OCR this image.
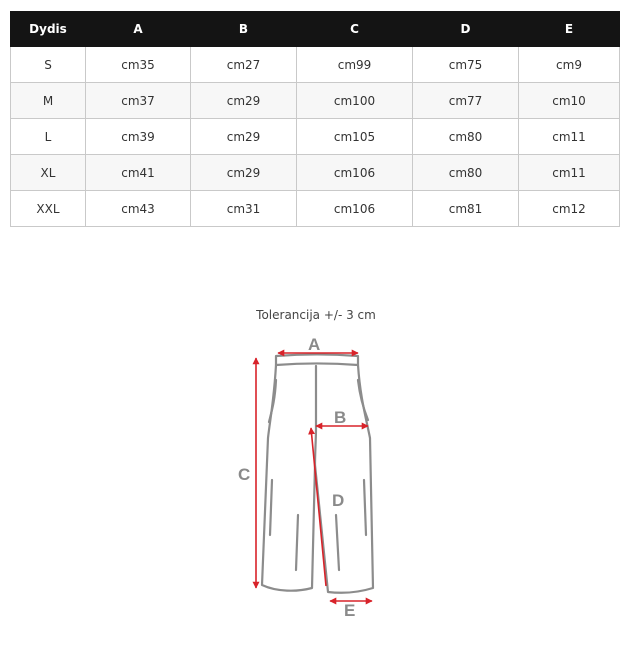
Dydis	A	B	C	D	E
S	cm35	cm27	cm99	cm75	cm9
M	cm37	cm29	cm100	cm77	cm10
L	cm39	cm29	cm105	cm80	cm11
XL	cm41	cm29	cm106	cm80	cm11
XXL	cm43	cm31	cm106	cm81	cm12
Tolerancija +/- 3 cm
A
B
C
D
E
